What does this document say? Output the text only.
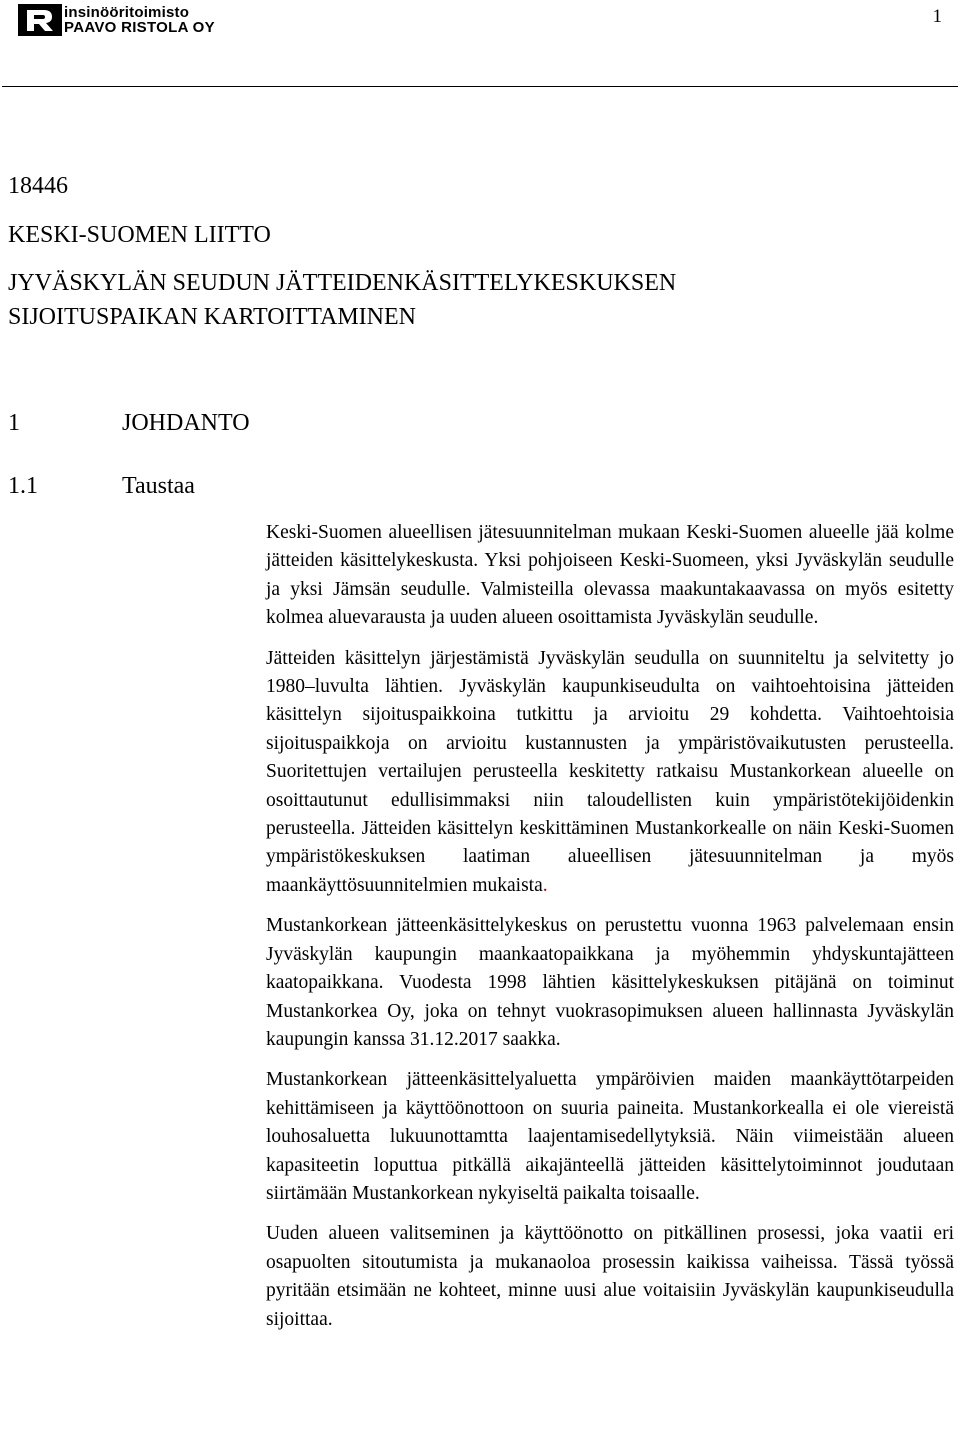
insinööritoimisto
PAAVO RISTOLA OY
1
18446
KESKI-SUOMEN LIITTO
JYVÄSKYLÄN SEUDUN JÄTTEIDENKÄSITTELYKESKUKSEN
SIJOITUSPAIKAN KARTOITTAMINEN
1	JOHDANTO
1.1	Taustaa

Keski-Suomen alueellisen jätesuunnitelman mukaan Keski-Suomen alueelle jää kolme jätteiden käsittelykeskusta. Yksi pohjoiseen Keski-Suomeen, yksi Jyväskylän seudulle ja yksi Jämsän seudulle. Valmisteilla olevassa maakuntakaavassa on myös esitetty kolmea aluevarausta ja uuden alueen osoittamista Jyväskylän seudulle.

Jätteiden käsittelyn järjestämistä Jyväskylän seudulla on suunniteltu ja selvitetty jo 1980–luvulta lähtien. Jyväskylän kaupunkiseudulta on vaihtoehtoisina jätteiden käsittelyn sijoituspaikkoina tutkittu ja arvioitu 29 kohdetta. Vaihtoehtoisia sijoituspaikkoja on arvioitu kustannusten ja ympäristövaikutusten perusteella. Suoritettujen vertailujen perusteella keskitetty ratkaisu Mustankorkean alueelle on osoittautunut edullisimmaksi niin taloudellisten kuin ympäristötekijöidenkin perusteella. Jätteiden käsittelyn keskittäminen Mustankorkealle on näin Keski-Suomen ympäristökeskuksen laatiman alueellisen jätesuunnitelman ja myös maankäyttösuunnitelmien mukaista.

Mustankorkean jätteenkäsittelykeskus on perustettu vuonna 1963 palvelemaan ensin Jyväskylän kaupungin maankaatopaikkana ja myöhemmin yhdyskuntajätteen kaatopaikkana. Vuodesta 1998 lähtien käsittelykeskuksen pitäjänä on toiminut Mustankorkea Oy, joka on tehnyt vuokrasopimuksen alueen hallinnasta Jyväskylän kaupungin kanssa 31.12.2017 saakka.

Mustankorkean jätteenkäsittelyaluetta ympäröivien maiden maankäyttötarpeiden kehittämiseen ja käyttöönottoon on suuria paineita. Mustankorkealla ei ole viereistä louhosaluetta lukuunottamtta laajentamisedellytyksiä. Näin viimeistään alueen kapasiteetin loputtua pitkällä aikajänteellä jätteiden käsittelytoiminnot joudutaan siirtämään Mustankorkean nykyiseltä paikalta toisaalle.

Uuden alueen valitseminen ja käyttöönotto on pitkällinen prosessi, joka vaatii eri osapuolten sitoutumista ja mukanaoloa prosessin kaikissa vaiheissa. Tässä työssä pyritään etsimään ne kohteet, minne uusi alue voitaisiin Jyväskylän kaupunkiseudulla sijoittaa.
